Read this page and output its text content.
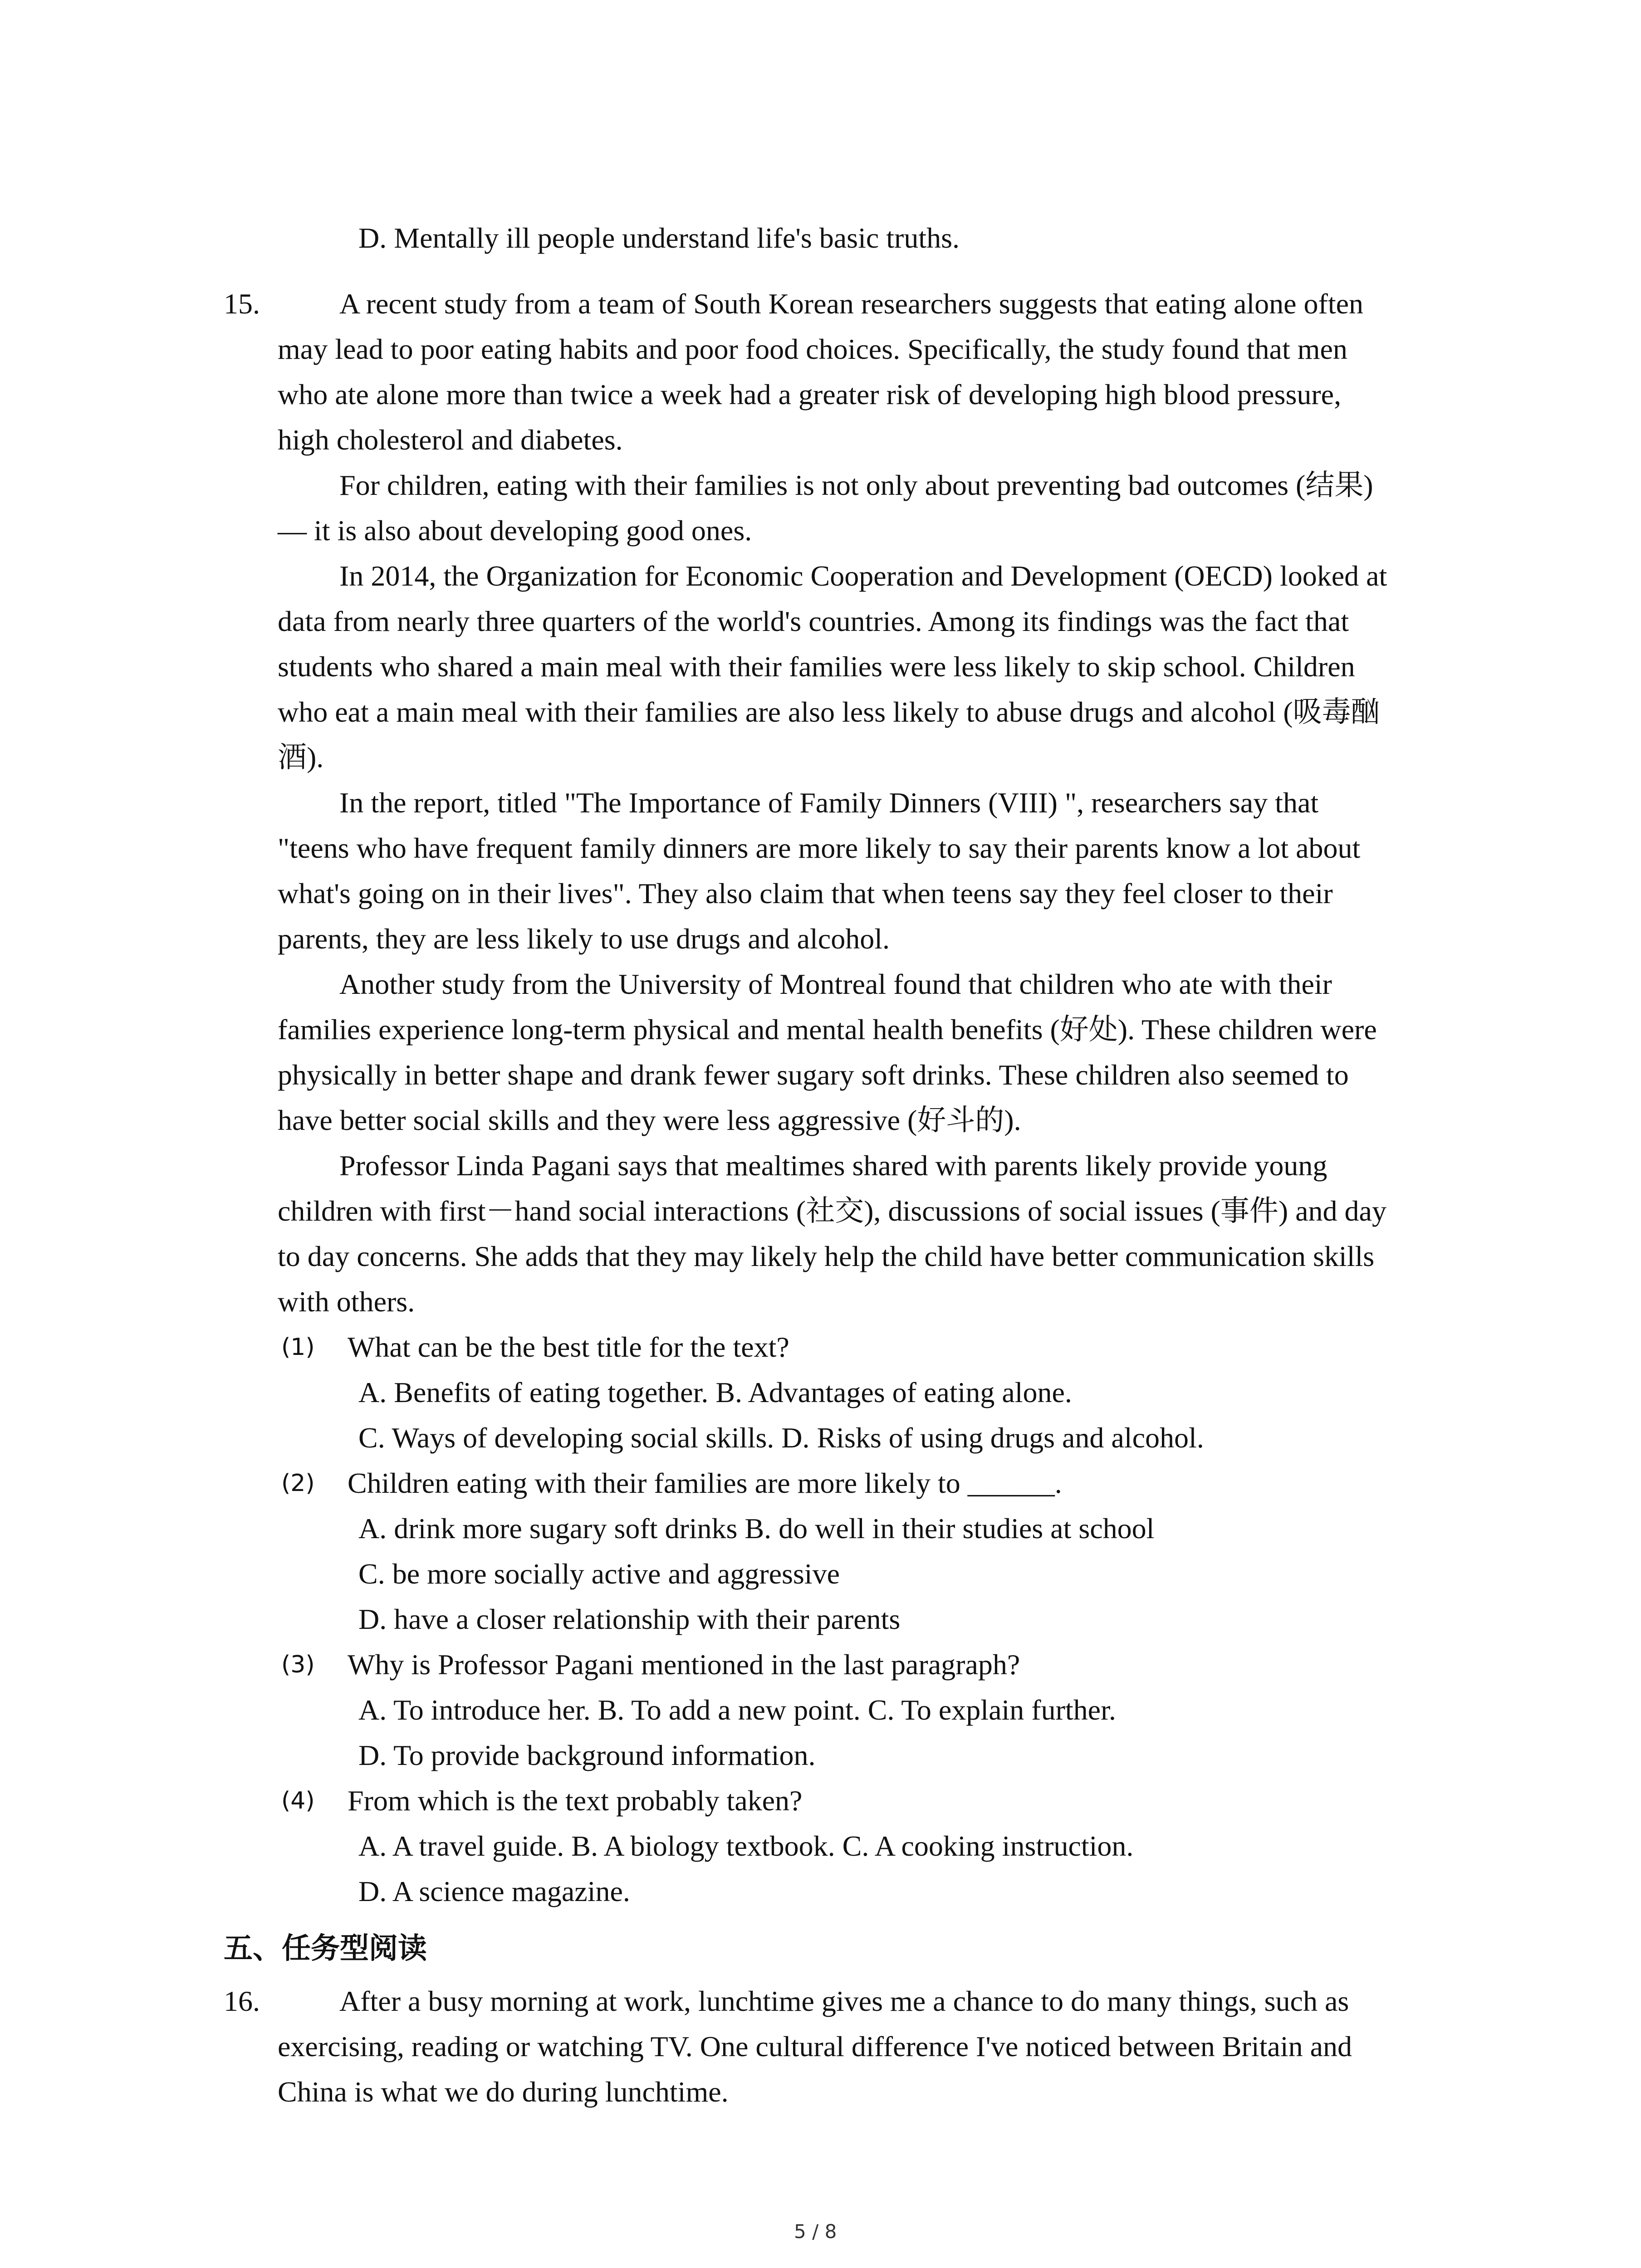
D. Mentally ill people understand life's basic truths.
15.	A recent study from a team of South Korean researchers suggests that eating alone often
may lead to poor eating habits and poor food choices. Specifically, the study found that men
who ate alone more than twice a week had a greater risk of developing high blood pressure,
high cholesterol and diabetes.
For children, eating with their families is not only about preventing bad outcomes (结果)
— it is also about developing good ones.
In 2014, the Organization for Economic Cooperation and Development (OECD) looked at
data from nearly three quarters of the world's countries. Among its findings was the fact that
students who shared a main meal with their families were less likely to skip school. Children
who eat a main meal with their families are also less likely to abuse drugs and alcohol (吸毒酗
酒).
In the report, titled "The Importance of Family Dinners (VIII) ", researchers say that
"teens who have frequent family dinners are more likely to say their parents know a lot about
what's going on in their lives". They also claim that when teens say they feel closer to their
parents, they are less likely to use drugs and alcohol.
Another study from the University of Montreal found that children who ate with their
families experience long-term physical and mental health benefits (好处). These children were
physically in better shape and drank fewer sugary soft drinks. These children also seemed to
have better social skills and they were less aggressive (好斗的).
Professor Linda Pagani says that mealtimes shared with parents likely provide young
children with first－hand social interactions (社交), discussions of social issues (事件) and day
to day concerns. She adds that they may likely help the child have better communication skills
with others.
(1) What can be the best title for the text?
A. Benefits of eating together. B. Advantages of eating alone.
C. Ways of developing social skills. D. Risks of using drugs and alcohol.
(2) Children eating with their families are more likely to ______.
A. drink more sugary soft drinks B. do well in their studies at school
C. be more socially active and aggressive
D. have a closer relationship with their parents
(3) Why is Professor Pagani mentioned in the last paragraph?
A. To introduce her. B. To add a new point. C. To explain further.
D. To provide background information.
(4) From which is the text probably taken?
A. A travel guide. B. A biology textbook. C. A cooking instruction.
D. A science magazine.
五、任务型阅读
16.	After a busy morning at work, lunchtime gives me a chance to do many things, such as
exercising, reading or watching TV. One cultural difference I've noticed between Britain and
China is what we do during lunchtime.
5 / 8
